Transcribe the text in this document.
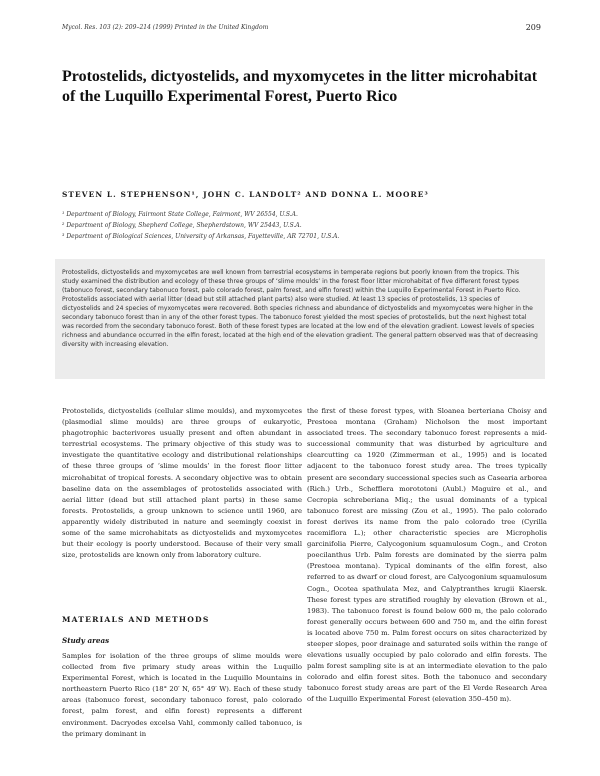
Mycol. Res. 103 (2): 209–214 (1999) Printed in the United Kingdom	209
Protostelids, dictyostelids, and myxomycetes in the litter microhabitat of the Luquillo Experimental Forest, Puerto Rico
STEVEN L. STEPHENSON¹, JOHN C. LANDOLT² AND DONNA L. MOORE³
¹ Department of Biology, Fairmont State College, Fairmont, WV 26554, U.S.A.
² Department of Biology, Shepherd College, Shepherdstown, WV 25443, U.S.A.
³ Department of Biological Sciences, University of Arkansas, Fayetteville, AR 72701, U.S.A.
Protostelids, dictyostelids and myxomycetes are well known from terrestrial ecosystems in temperate regions but poorly known from the tropics. This study examined the distribution and ecology of these three groups of ‘slime moulds’ in the forest floor litter microhabitat of five different forest types (tabonuco forest, secondary tabonuco forest, palo colorado forest, palm forest, and elfin forest) within the Luquillo Experimental Forest in Puerto Rico. Protostelids associated with aerial litter (dead but still attached plant parts) also were studied. At least 13 species of protostelids, 13 species of dictyostelids and 24 species of myxomycetes were recovered. Both species richness and abundance of dictyostelids and myxomycetes were higher in the secondary tabonuco forest than in any of the other forest types. The tabonuco forest yielded the most species of protostelids, but the next highest total was recorded from the secondary tabonuco forest. Both of these forest types are located at the low end of the elevation gradient. Lowest levels of species richness and abundance occurred in the elfin forest, located at the high end of the elevation gradient. The general pattern observed was that of decreasing diversity with increasing elevation.

Protostelids, dictyostelids (cellular slime moulds), and myxomycetes (plasmodial slime moulds) are three groups of eukaryotic, phagotrophic bacterivores usually present and often abundant in terrestrial ecosystems. The primary objective of this study was to investigate the quantitative ecology and distributional relationships of these three groups of ‘slime moulds’ in the forest floor litter microhabitat of tropical forests. A secondary objective was to obtain baseline data on the assemblages of protostelids associated with aerial litter (dead but still attached plant parts) in these same forests. Protostelids, a group unknown to science until 1960, are apparently widely distributed in nature and seemingly coexist in some of the same microhabitats as dictyostelids and myxomycetes but their ecology is poorly understood. Because of their very small size, protostelids are known only from laboratory culture.

MATERIALS AND METHODS
Study areas

Samples for isolation of the three groups of slime moulds were collected from five primary study areas within the Luquillo Experimental Forest, which is located in the Luquillo Mountains in northeastern Puerto Rico (18° 20′ N, 65° 49′ W). Each of these study areas (tabonuco forest, secondary tabonuco forest, palo colorado forest, palm forest, and elfin forest) represents a different environment. Dacryodes excelsa Vahl, commonly called tabonuco, is the primary dominant in

the first of these forest types, with Sloanea berteriana Choisy and Prestoea montana (Graham) Nicholson the most important associated trees. The secondary tabonuco forest represents a mid-successional community that was disturbed by agriculture and clearcutting ca 1920 (Zimmerman et al., 1995) and is located adjacent to the tabonuco forest study area. The trees typically present are secondary successional species such as Casearia arborea (Rich.) Urb., Schefflera morototoni (Aubl.) Maguire et al., and Cecropia schreberiana Miq.; the usual dominants of a typical tabonuco forest are missing (Zou et al., 1995). The palo colorado forest derives its name from the palo colorado tree (Cyrilla racemiflora L.); other characteristic species are Micropholis garcinifolia Pierre, Calycogonium squamulosum Cogn., and Croton poecilanthus Urb. Palm forests are dominated by the sierra palm (Prestoea montana). Typical dominants of the elfin forest, also referred to as dwarf or cloud forest, are Calycogonium squamulosum Cogn., Ocotea spathulata Mez, and Calyptranthes krugii Kiaersk. These forest types are stratified roughly by elevation (Brown et al., 1983). The tabonuco forest is found below 600 m, the palo colorado forest generally occurs between 600 and 750 m, and the elfin forest is located above 750 m. Palm forest occurs on sites characterized by steeper slopes, poor drainage and saturated soils within the range of elevations usually occupied by palo colorado and elfin forests. The palm forest sampling site is at an intermediate elevation to the palo colorado and elfin forest sites. Both the tabonuco and secondary tabonuco forest study areas are part of the El Verde Research Area of the Luquillo Experimental Forest (elevation 350–450 m).
